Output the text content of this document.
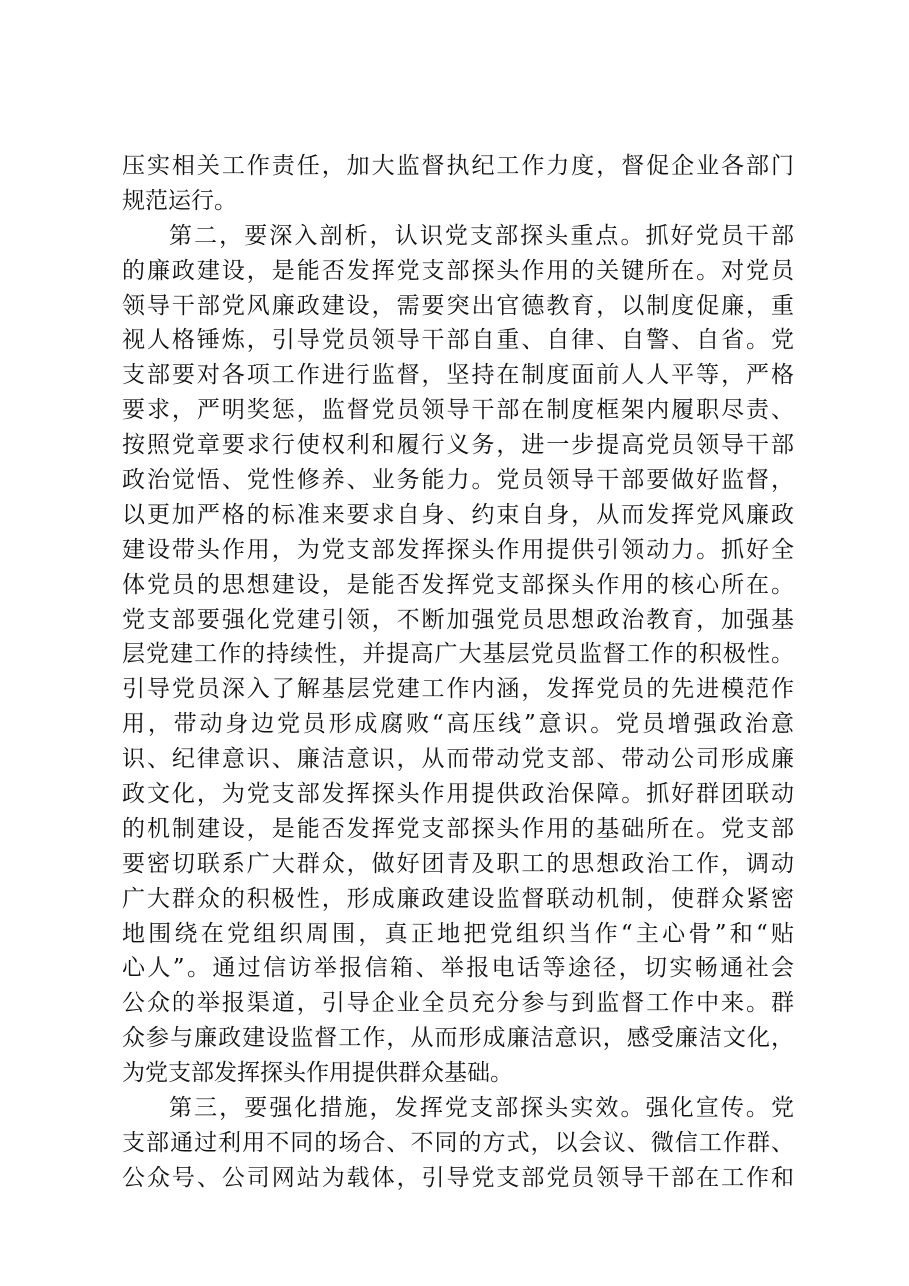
压实相关工作责任，加大监督执纪工作力度，督促企业各部门
规范运行。
第二，要深入剖析，认识党支部探头重点。抓好党员干部
的廉政建设，是能否发挥党支部探头作用的关键所在。对党员
领导干部党风廉政建设，需要突出官德教育，以制度促廉，重
视人格锤炼，引导党员领导干部自重、自律、自警、自省。党
支部要对各项工作进行监督，坚持在制度面前人人平等，严格
要求，严明奖惩，监督党员领导干部在制度框架内履职尽责、
按照党章要求行使权利和履行义务，进一步提高党员领导干部
政治觉悟、党性修养、业务能力。党员领导干部要做好监督，
以更加严格的标准来要求自身、约束自身，从而发挥党风廉政
建设带头作用，为党支部发挥探头作用提供引领动力。抓好全
体党员的思想建设，是能否发挥党支部探头作用的核心所在。
党支部要强化党建引领，不断加强党员思想政治教育，加强基
层党建工作的持续性，并提高广大基层党员监督工作的积极性。
引导党员深入了解基层党建工作内涵，发挥党员的先进模范作
用，带动身边党员形成腐败“高压线”意识。党员增强政治意
识、纪律意识、廉洁意识，从而带动党支部、带动公司形成廉
政文化，为党支部发挥探头作用提供政治保障。抓好群团联动
的机制建设，是能否发挥党支部探头作用的基础所在。党支部
要密切联系广大群众，做好团青及职工的思想政治工作，调动
广大群众的积极性，形成廉政建设监督联动机制，使群众紧密
地围绕在党组织周围，真正地把党组织当作“主心骨”和“贴
心人”。通过信访举报信箱、举报电话等途径，切实畅通社会
公众的举报渠道，引导企业全员充分参与到监督工作中来。群
众参与廉政建设监督工作，从而形成廉洁意识，感受廉洁文化，
为党支部发挥探头作用提供群众基础。
第三，要强化措施，发挥党支部探头实效。强化宣传。党
支部通过利用不同的场合、不同的方式，以会议、微信工作群、
公众号、公司网站为载体，引导党支部党员领导干部在工作和
